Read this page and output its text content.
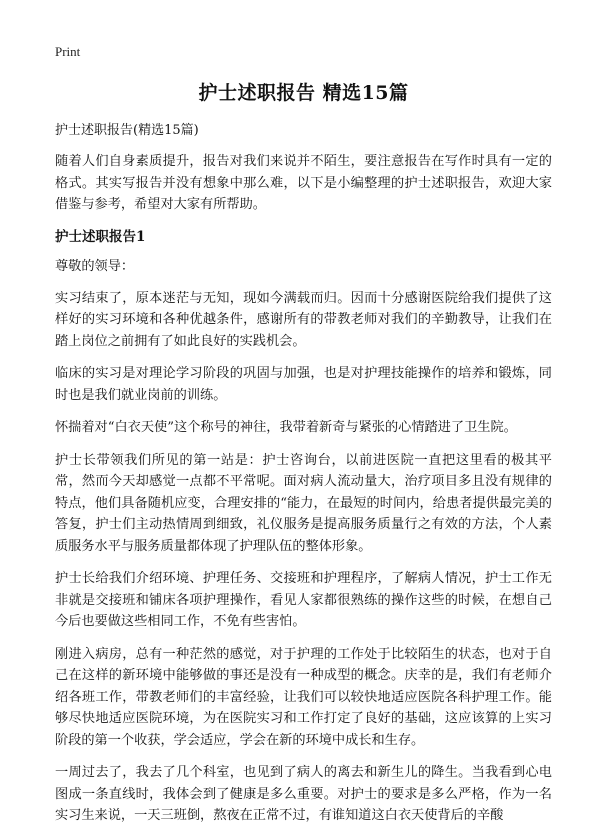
Print
护士述职报告 精选15篇
护士述职报告(精选15篇)

随着人们自身素质提升，报告对我们来说并不陌生，要注意报告在写作时具有一定的格式。其实写报告并没有想象中那么难，以下是小编整理的护士述职报告，欢迎大家借鉴与参考，希望对大家有所帮助。

护士述职报告1
尊敬的领导：

实习结束了，原本迷茫与无知，现如今满载而归。因而十分感谢医院给我们提供了这样好的实习环境和各种优越条件，感谢所有的带教老师对我们的辛勤教导，让我们在踏上岗位之前拥有了如此良好的实践机会。

临床的实习是对理论学习阶段的巩固与加强，也是对护理技能操作的培养和锻炼，同时也是我们就业岗前的训练。

怀揣着对“白衣天使”这个称号的神往，我带着新奇与紧张的心情踏进了卫生院。

护士长带领我们所见的第一站是：护士咨询台，以前进医院一直把这里看的极其平常，然而今天却感觉一点都不平常呢。面对病人流动量大，治疗项目多且没有规律的特点，他们具备随机应变，合理安排的“能力，在最短的时间内，给患者提供最完美的答复，护士们主动热情周到细致，礼仪服务是提高服务质量行之有效的方法，个人素质服务水平与服务质量都体现了护理队伍的整体形象。

护士长给我们介绍环境、护理任务、交接班和护理程序，了解病人情况，护士工作无非就是交接班和铺床各项护理操作，看见人家都很熟练的操作这些的时候，在想自己今后也要做这些相同工作，不免有些害怕。

刚进入病房，总有一种茫然的感觉，对于护理的工作处于比较陌生的状态，也对于自己在这样的新环境中能够做的事还是没有一种成型的概念。庆幸的是，我们有老师介绍各班工作，带教老师们的丰富经验，让我们可以较快地适应医院各科护理工作。能够尽快地适应医院环境，为在医院实习和工作打定了良好的基础，这应该算的上实习阶段的第一个收获，学会适应，学会在新的环境中成长和生存。

一周过去了，我去了几个科室，也见到了病人的离去和新生儿的降生。当我看到心电图成一条直线时，我体会到了健康是多么重要。对护士的要求是多么严格，作为一名实习生来说，一天三班倒，熬夜在正常不过，有谁知道这白衣天使背后的辛酸
